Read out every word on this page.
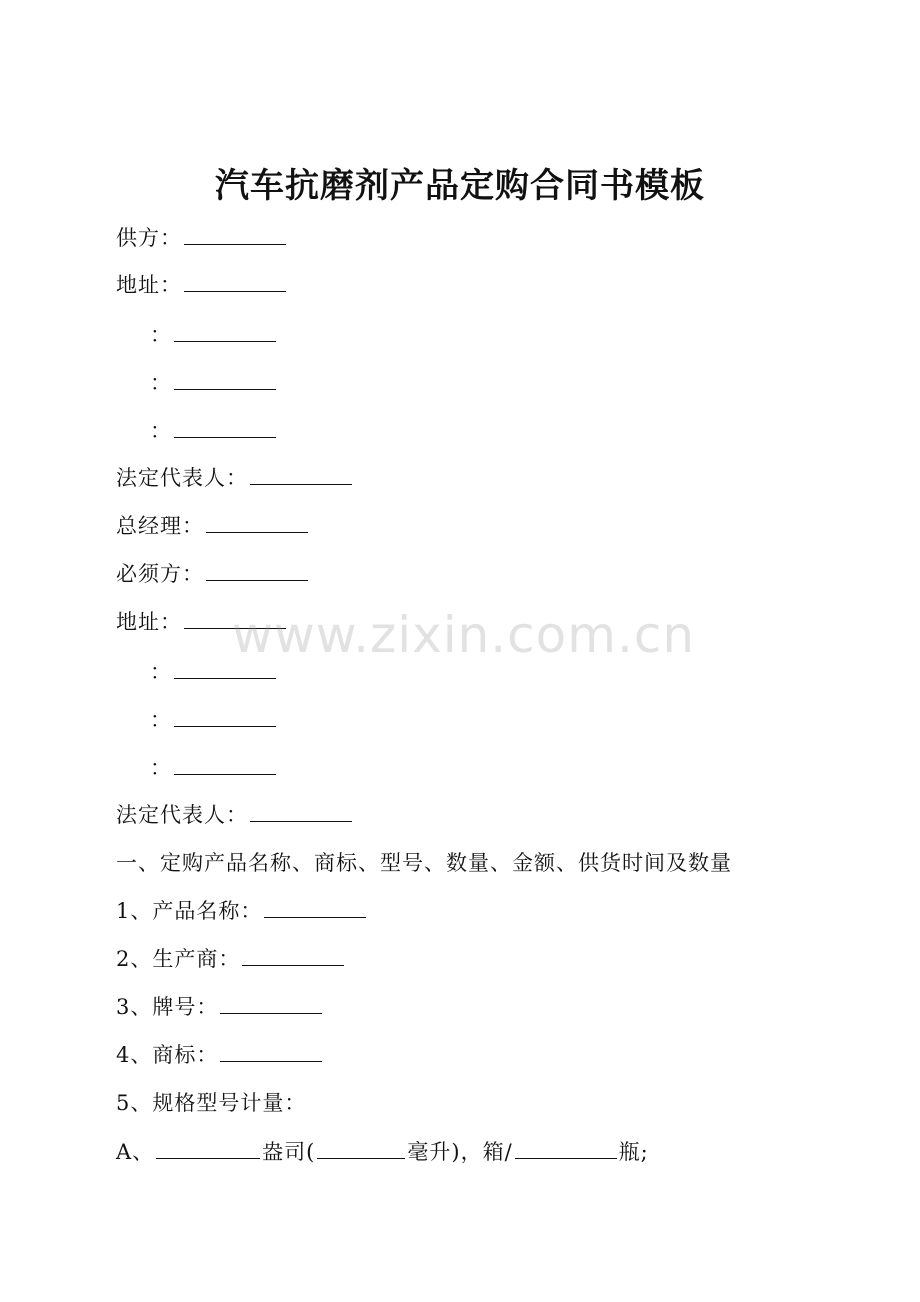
汽车抗磨剂产品定购合同书模板
供方：
地址：
：
：
：
法定代表人：
总经理：
必须方：
地址：
：
：
：
法定代表人：
一、定购产品名称、商标、型号、数量、金额、供货时间及数量
1、产品名称：
2、生产商：
3、牌号：
4、商标：
5、规格型号计量：
A、	盎司(	毫升)，箱/	瓶;
www.zixin.com.cn
